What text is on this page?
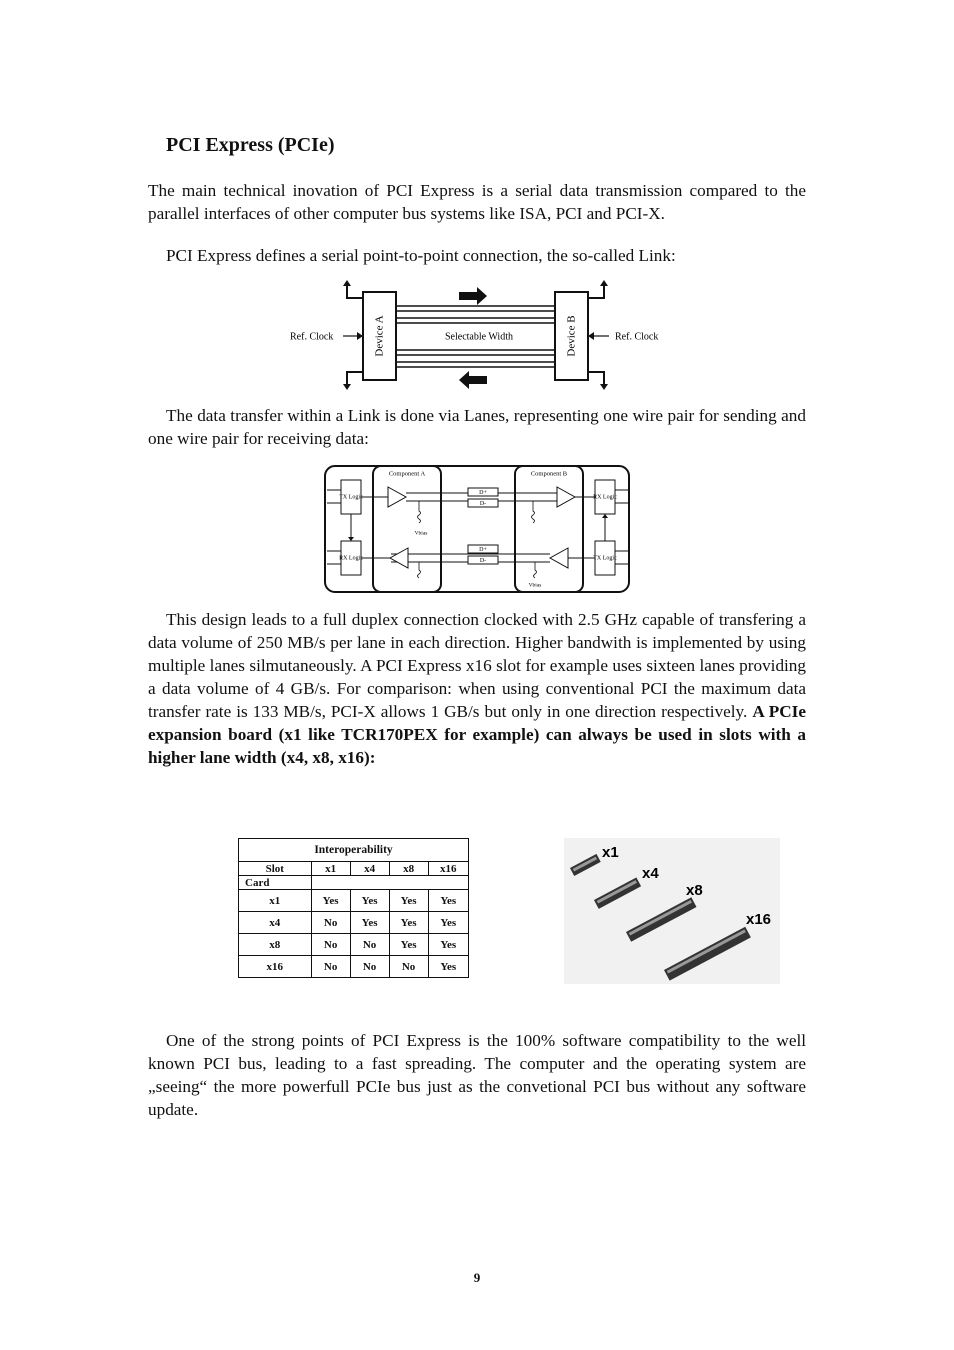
PCI Express (PCIe)

The main technical inovation of PCI Express is a serial data transmission compared to the parallel interfaces of other computer bus systems like ISA, PCI and PCI-X.

PCI Express defines a serial point-to-point connection, the so-called Link:

Device A	Device B
Selectable Width
Ref. Clock	Ref. Clock

The data transfer within a Link is done via Lanes, representing one wire pair for sending and one wire pair for receiving data:

Component A	Component B
TX Logic
RX Logic
RX Logic
TX Logic
D+
D-
D+
D-
Vbias
Vbias

This design leads to a full duplex connection clocked with 2.5 GHz capable of transfering a data volume of 250 MB/s per lane in each direction. Higher bandwith is implemented by using multiple lanes silmutaneously. A PCI Express x16 slot for example uses sixteen lanes providing a data volume of 4 GB/s. For comparison: when using conventional PCI the maximum data transfer rate is 133 MB/s, PCI-X allows 1 GB/s but only in one direction respectively. A PCIe expansion board (x1 like TCR170PEX for example) can always be used in slots with a higher lane width (x4, x8, x16):

Interoperability				
Slot	x1	x4	x8	x16
Card				
x1	Yes	Yes	Yes	Yes
x4	No	Yes	Yes	Yes
x8	No	No	Yes	Yes
x16	No	No	No	Yes
x1
x4
x8
x16

One of the strong points of PCI Express is the 100% software compatibility to the well known PCI bus, leading to a fast spreading. The computer and the operating system are „seeing“ the more powerfull PCIe bus just as the convetional PCI bus without any software update.

9
